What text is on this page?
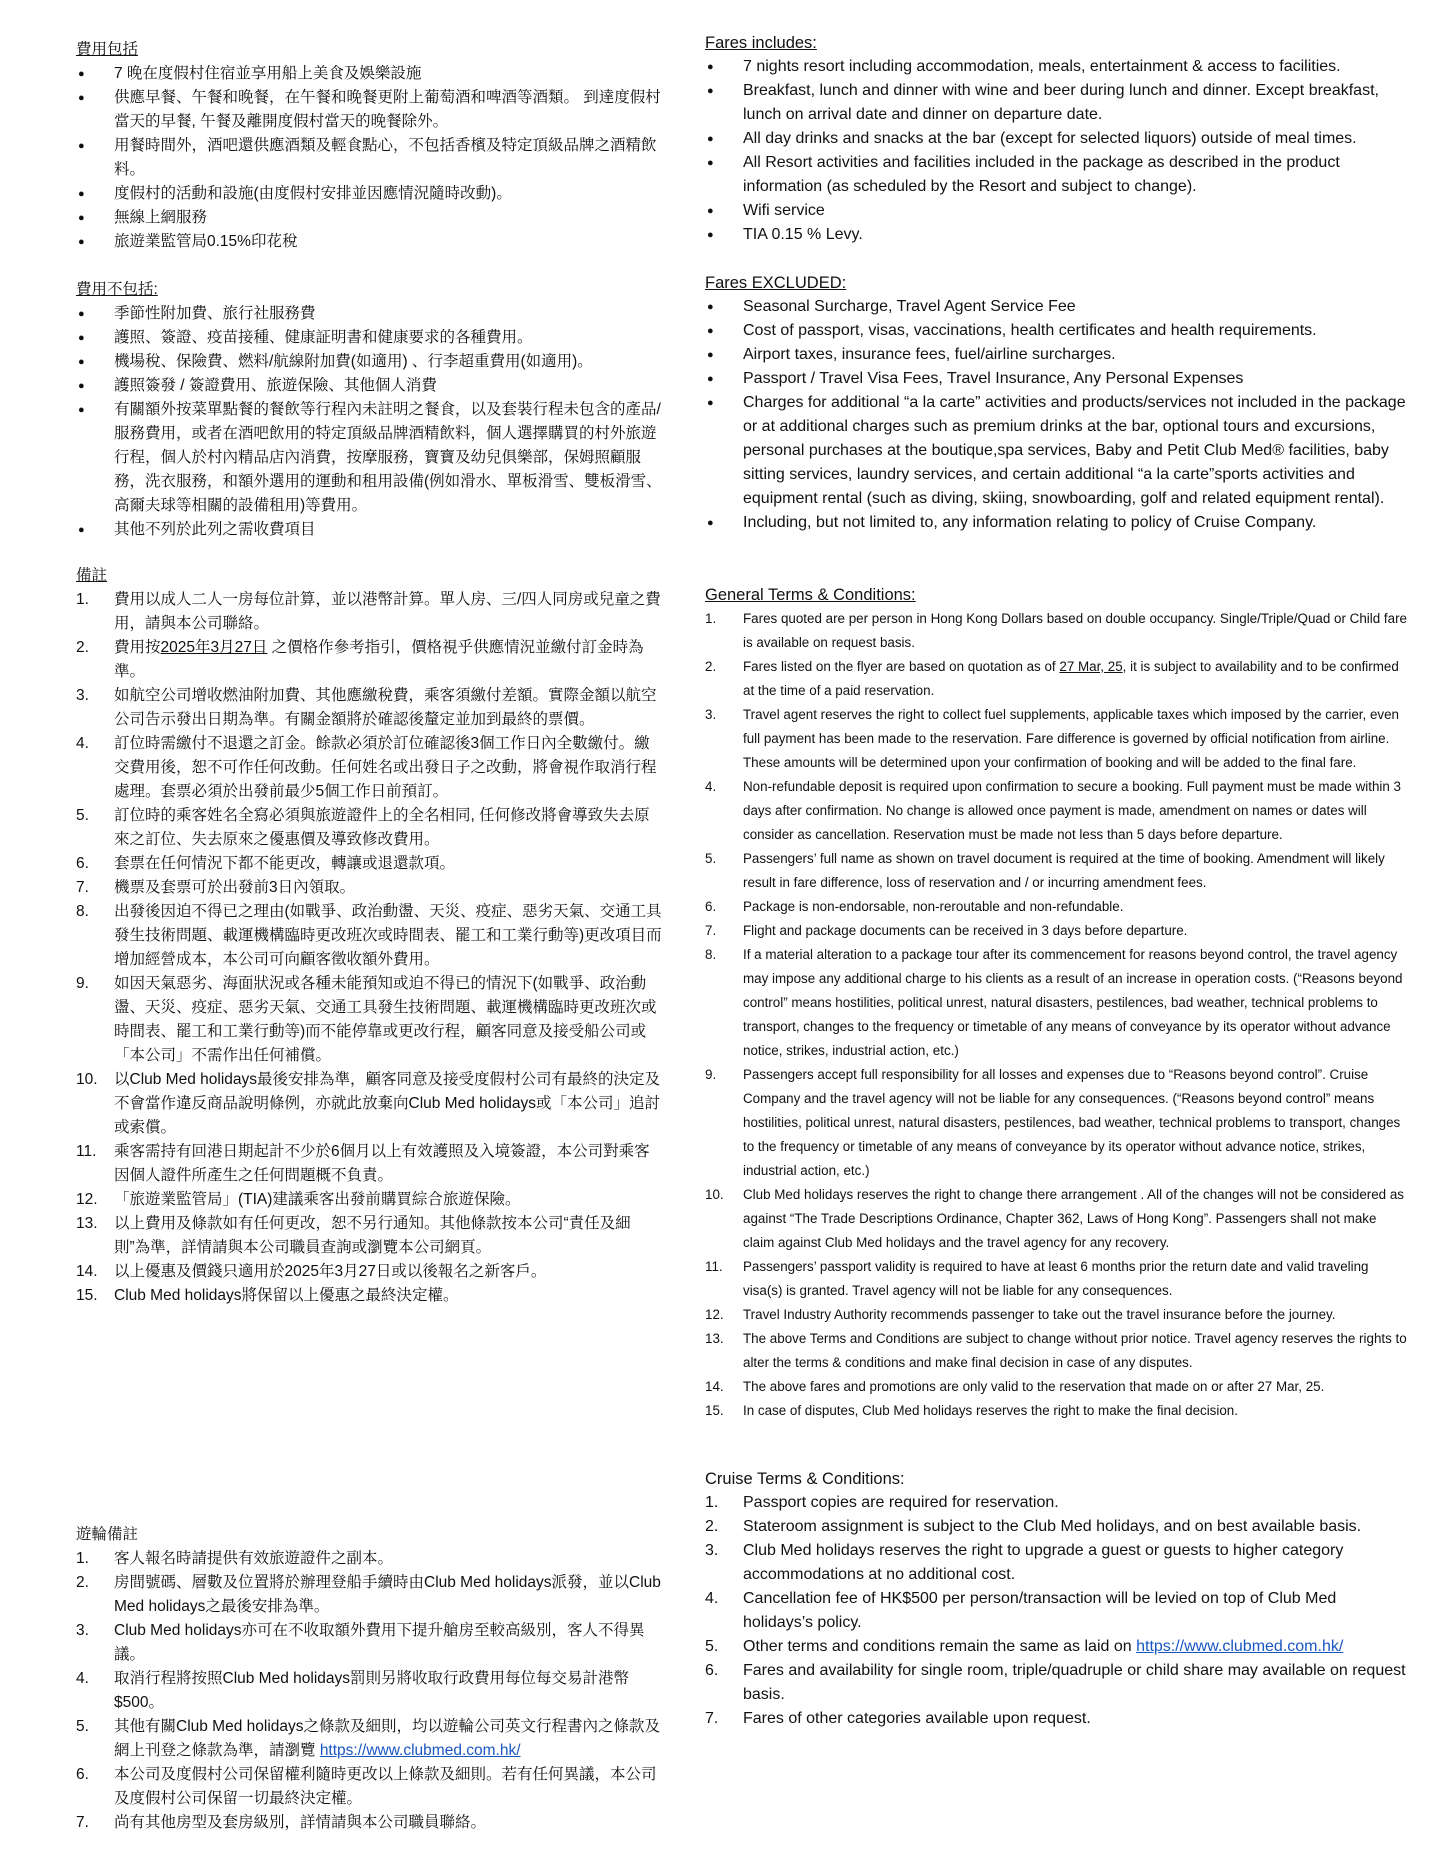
費用包括
● 7 晚在度假村住宿並享用船上美食及娛樂設施
● 供應早餐、午餐和晚餐，在午餐和晚餐更附上葡萄酒和啤酒等酒類。 到達度假村當天的早餐, 午餐及離開度假村當天的晚餐除外。
● 用餐時間外，酒吧還供應酒類及輕食點心，不包括香檳及特定頂級品牌之酒精飲料。
● 度假村的活動和設施(由度假村安排並因應情況隨時改動)。
● 無線上網服務
● 旅遊業監管局0.15%印花稅
費用不包括:
● 季節性附加費、旅行社服務費
● 護照、簽證、疫苗接種、健康証明書和健康要求的各種費用。
● 機場稅、保險費、燃料/航線附加費(如適用) 、行李超重費用(如適用)。
● 護照簽發 / 簽證費用、旅遊保險、其他個人消費
● 有關額外按菜單點餐的餐飲等行程內未註明之餐食，以及套裝行程未包含的產品/服務費用，或者在酒吧飲用的特定頂級品牌酒精飲料，個人選擇購買的村外旅遊行程，個人於村內精品店內消費，按摩服務，寶寶及幼兒俱樂部，保姆照顧服務，洗衣服務，和額外選用的運動和租用設備(例如滑水、單板滑雪、雙板滑雪、高爾夫球等相關的設備租用)等費用。
● 其他不列於此列之需收費項目
備註
1. 費用以成人二人一房每位計算，並以港幣計算。單人房、三/四人同房或兒童之費用，請與本公司聯絡。
2. 費用按2025年3月27日 之價格作參考指引，價格視乎供應情況並繳付訂金時為準。
3. 如航空公司增收燃油附加費、其他應繳稅費，乘客須繳付差額。實際金額以航空公司告示發出日期為準。有關金額將於確認後釐定並加到最終的票價。
4. 訂位時需繳付不退還之訂金。餘款必須於訂位確認後3個工作日內全數繳付。繳交費用後，恕不可作任何改動。任何姓名或出發日子之改動，將會視作取消行程處理。套票必須於出發前最少5個工作日前預訂。
5. 訂位時的乘客姓名全寫必須與旅遊證件上的全名相同, 任何修改將會導致失去原來之訂位、失去原來之優惠價及導致修改費用。
6. 套票在任何情況下都不能更改，轉讓或退還款項。
7. 機票及套票可於出發前3日內領取。
8. 出發後因迫不得已之理由(如戰爭、政治動盪、天災、疫症、惡劣天氣、交通工具發生技術問題、載運機構臨時更改班次或時間表、罷工和工業行動等)更改項目而增加經營成本，本公司可向顧客徵收額外費用。
9. 如因天氣惡劣、海面狀況或各種未能預知或迫不得已的情況下(如戰爭、政治動盪、天災、疫症、惡劣天氣、交通工具發生技術問題、載運機構臨時更改班次或時間表、罷工和工業行動等)而不能停靠或更改行程，顧客同意及接受船公司或「本公司」不需作出任何補償。
10. 以Club Med holidays最後安排為準，顧客同意及接受度假村公司有最終的決定及不會當作違反商品說明條例，亦就此放棄向Club Med holidays或「本公司」追討或索償。
11. 乘客需持有回港日期起計不少於6個月以上有效護照及入境簽證，本公司對乘客因個人證件所產生之任何問題概不負責。
12. 「旅遊業監管局」(TIA)建議乘客出發前購買綜合旅遊保險。
13. 以上費用及條款如有任何更改，恕不另行通知。其他條款按本公司“責任及細則”為準，詳情請與本公司職員查詢或瀏覽本公司網頁。
14. 以上優惠及價錢只適用於2025年3月27日或以後報名之新客戶。
15. Club Med holidays將保留以上優惠之最終決定權。
遊輪備註
1. 客人報名時請提供有效旅遊證件之副本。
2. 房間號碼、層數及位置將於辦理登船手續時由Club Med holidays派發，並以Club Med holidays之最後安排為準。
3. Club Med holidays亦可在不收取額外費用下提升艙房至較高級別，客人不得異議。
4. 取消行程將按照Club Med holidays罰則另將收取行政費用每位每交易計港幣$500。
5. 其他有關Club Med holidays之條款及細則，均以遊輪公司英文行程書內之條款及網上刊登之條款為準，請瀏覽 https://www.clubmed.com.hk/
6. 本公司及度假村公司保留權利隨時更改以上條款及細則。若有任何異議，本公司及度假村公司保留一切最終決定權。
7. 尚有其他房型及套房級別，詳情請與本公司職員聯絡。
Fares includes:
● 7 nights resort including accommodation, meals, entertainment & access to facilities.
● Breakfast, lunch and dinner with wine and beer during lunch and dinner. Except breakfast, lunch on arrival date and dinner on departure date.
● All day drinks and snacks at the bar (except for selected liquors) outside of meal times.
● All Resort activities and facilities included in the package as described in the product information (as scheduled by the Resort and subject to change).
● Wifi service
● TIA 0.15 % Levy.
Fares EXCLUDED:
● Seasonal Surcharge, Travel Agent Service Fee
● Cost of passport, visas, vaccinations, health certificates and health requirements.
● Airport taxes, insurance fees, fuel/airline surcharges.
● Passport / Travel Visa Fees, Travel Insurance, Any Personal Expenses
● Charges for additional “a la carte” activities and products/services not included in the package or at additional charges such as premium drinks at the bar, optional tours and excursions, personal purchases at the boutique,spa services, Baby and Petit Club Med® facilities, baby sitting services, laundry services, and certain additional “a la carte”sports activities and equipment rental (such as diving, skiing, snowboarding, golf and related equipment rental).
● Including, but not limited to, any information relating to policy of Cruise Company.
General Terms & Conditions:
1. Fares quoted are per person in Hong Kong Dollars based on double occupancy. Single/Triple/Quad or Child fare is available on request basis.
2. Fares listed on the flyer are based on quotation as of 27 Mar, 25, it is subject to availability and to be confirmed at the time of a paid reservation.
3. Travel agent reserves the right to collect fuel supplements, applicable taxes which imposed by the carrier, even full payment has been made to the reservation. Fare difference is governed by official notification from airline. These amounts will be determined upon your confirmation of booking and will be added to the final fare.
4. Non-refundable deposit is required upon confirmation to secure a booking. Full payment must be made within 3 days after confirmation. No change is allowed once payment is made, amendment on names or dates will consider as cancellation. Reservation must be made not less than 5 days before departure.
5. Passengers’ full name as shown on travel document is required at the time of booking. Amendment will likely result in fare difference, loss of reservation and / or incurring amendment fees.
6. Package is non-endorsable, non-reroutable and non-refundable.
7. Flight and package documents can be received in 3 days before departure.
8. If a material alteration to a package tour after its commencement for reasons beyond control, the travel agency may impose any additional charge to his clients as a result of an increase in operation costs. (“Reasons beyond control” means hostilities, political unrest, natural disasters, pestilences, bad weather, technical problems to transport, changes to the frequency or timetable of any means of conveyance by its operator without advance notice, strikes, industrial action, etc.)
9. Passengers accept full responsibility for all losses and expenses due to “Reasons beyond control”. Cruise Company and the travel agency will not be liable for any consequences. (“Reasons beyond control” means hostilities, political unrest, natural disasters, pestilences, bad weather, technical problems to transport, changes to the frequency or timetable of any means of conveyance by its operator without advance notice, strikes, industrial action, etc.)
10. Club Med holidays reserves the right to change there arrangement . All of the changes will not be considered as against “The Trade Descriptions Ordinance, Chapter 362, Laws of Hong Kong”. Passengers shall not make claim against Club Med holidays and the travel agency for any recovery.
11. Passengers’ passport validity is required to have at least 6 months prior the return date and valid traveling visa(s) is granted. Travel agency will not be liable for any consequences.
12. Travel Industry Authority recommends passenger to take out the travel insurance before the journey.
13. The above Terms and Conditions are subject to change without prior notice. Travel agency reserves the rights to alter the terms & conditions and make final decision in case of any disputes.
14. The above fares and promotions are only valid to the reservation that made on or after 27 Mar, 25.
15. In case of disputes, Club Med holidays reserves the right to make the final decision.
Cruise Terms & Conditions:
1. Passport copies are required for reservation.
2. Stateroom assignment is subject to the Club Med holidays, and on best available basis.
3. Club Med holidays reserves the right to upgrade a guest or guests to higher category accommodations at no additional cost.
4. Cancellation fee of HK$500 per person/transaction will be levied on top of Club Med holidays’s policy.
5. Other terms and conditions remain the same as laid on https://www.clubmed.com.hk/
6. Fares and availability for single room, triple/quadruple or child share may available on request basis.
7. Fares of other categories available upon request.
